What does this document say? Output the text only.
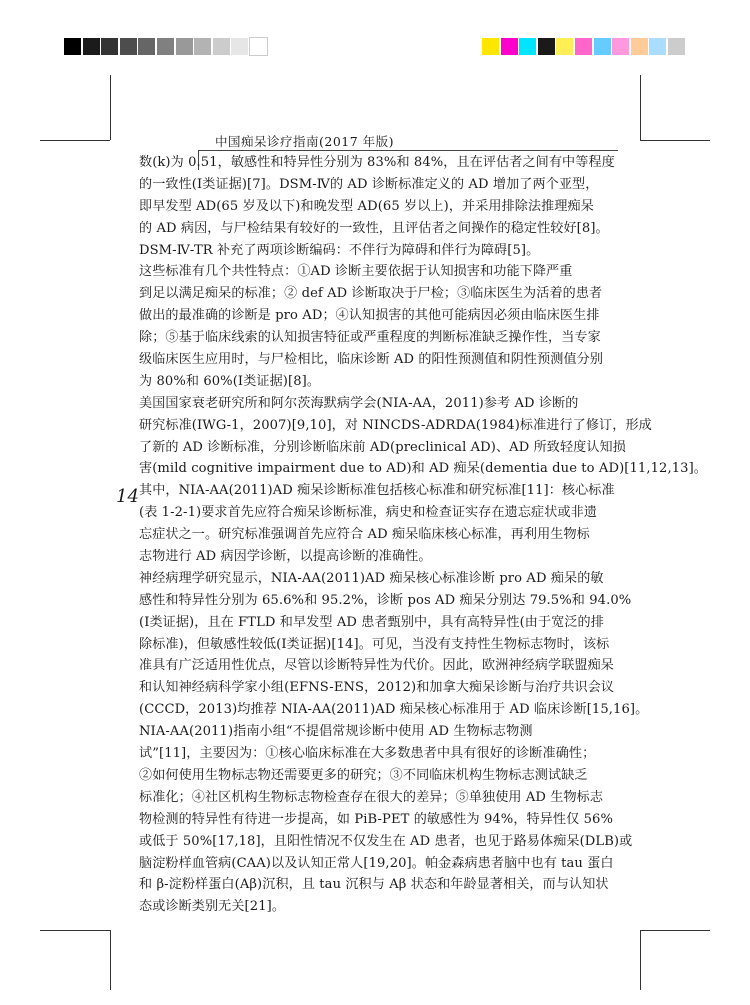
中国痴呆诊疗指南(2017 年版)
14
数(k)为 0.51，敏感性和特异性分别为 83%和 84%，且在评估者之间有中等程度
的一致性(Ⅰ类证据)[7]。DSM-Ⅳ的 AD 诊断标准定义的 AD 增加了两个亚型，
即早发型 AD(65 岁及以下)和晚发型 AD(65 岁以上)，并采用排除法推理痴呆
的 AD 病因，与尸检结果有较好的一致性，且评估者之间操作的稳定性较好[8]。
DSM-Ⅳ-TR 补充了两项诊断编码：不伴行为障碍和伴行为障碍[5]。
这些标准有几个共性特点：①AD 诊断主要依据于认知损害和功能下降严重
到足以满足痴呆的标准；② def AD 诊断取决于尸检；③临床医生为活着的患者
做出的最准确的诊断是 pro AD；④认知损害的其他可能病因必须由临床医生排
除；⑤基于临床线索的认知损害特征或严重程度的判断标准缺乏操作性，当专家
级临床医生应用时，与尸检相比，临床诊断 AD 的阳性预测值和阴性预测值分别
为 80%和 60%(Ⅰ类证据)[8]。
美国国家衰老研究所和阿尔茨海默病学会(NIA-AA，2011)参考 AD 诊断的
研究标准(IWG-1，2007)[9,10]，对 NINCDS-ADRDA(1984)标准进行了修订，形成
了新的 AD 诊断标准，分别诊断临床前 AD(preclinical AD)、AD 所致轻度认知损
害(mild cognitive impairment due to AD)和 AD 痴呆(dementia due to AD)[11,12,13]。
其中，NIA-AA(2011)AD 痴呆诊断标准包括核心标准和研究标准[11]：核心标准
(表 1-2-1)要求首先应符合痴呆诊断标准，病史和检查证实存在遗忘症状或非遗
忘症状之一。研究标准强调首先应符合 AD 痴呆临床核心标准，再利用生物标
志物进行 AD 病因学诊断，以提高诊断的准确性。
神经病理学研究显示，NIA-AA(2011)AD 痴呆核心标准诊断 pro AD 痴呆的敏
感性和特异性分别为 65.6%和 95.2%，诊断 pos AD 痴呆分别达 79.5%和 94.0%
(Ⅰ类证据)，且在 FTLD 和早发型 AD 患者甄别中，具有高特异性(由于宽泛的排
除标准)，但敏感性较低(Ⅰ类证据)[14]。可见，当没有支持性生物标志物时，该标
准具有广泛适用性优点，尽管以诊断特异性为代价。因此，欧洲神经病学联盟痴呆
和认知神经病科学家小组(EFNS-ENS，2012)和加拿大痴呆诊断与治疗共识会议
(CCCD，2013)均推荐 NIA-AA(2011)AD 痴呆核心标准用于 AD 临床诊断[15,16]。
NIA-AA(2011)指南小组“不提倡常规诊断中使用 AD 生物标志物测
试”[11]，主要因为：①核心临床标准在大多数患者中具有很好的诊断准确性；
②如何使用生物标志物还需要更多的研究；③不同临床机构生物标志测试缺乏
标准化；④社区机构生物标志物检查存在很大的差异；⑤单独使用 AD 生物标志
物检测的特异性有待进一步提高，如 PiB-PET 的敏感性为 94%，特异性仅 56%
或低于 50%[17,18]，且阳性情况不仅发生在 AD 患者，也见于路易体痴呆(DLB)或
脑淀粉样血管病(CAA)以及认知正常人[19,20]。帕金森病患者脑中也有 tau 蛋白
和 β-淀粉样蛋白(Aβ)沉积，且 tau 沉积与 Aβ 状态和年龄显著相关，而与认知状
态或诊断类别无关[21]。
